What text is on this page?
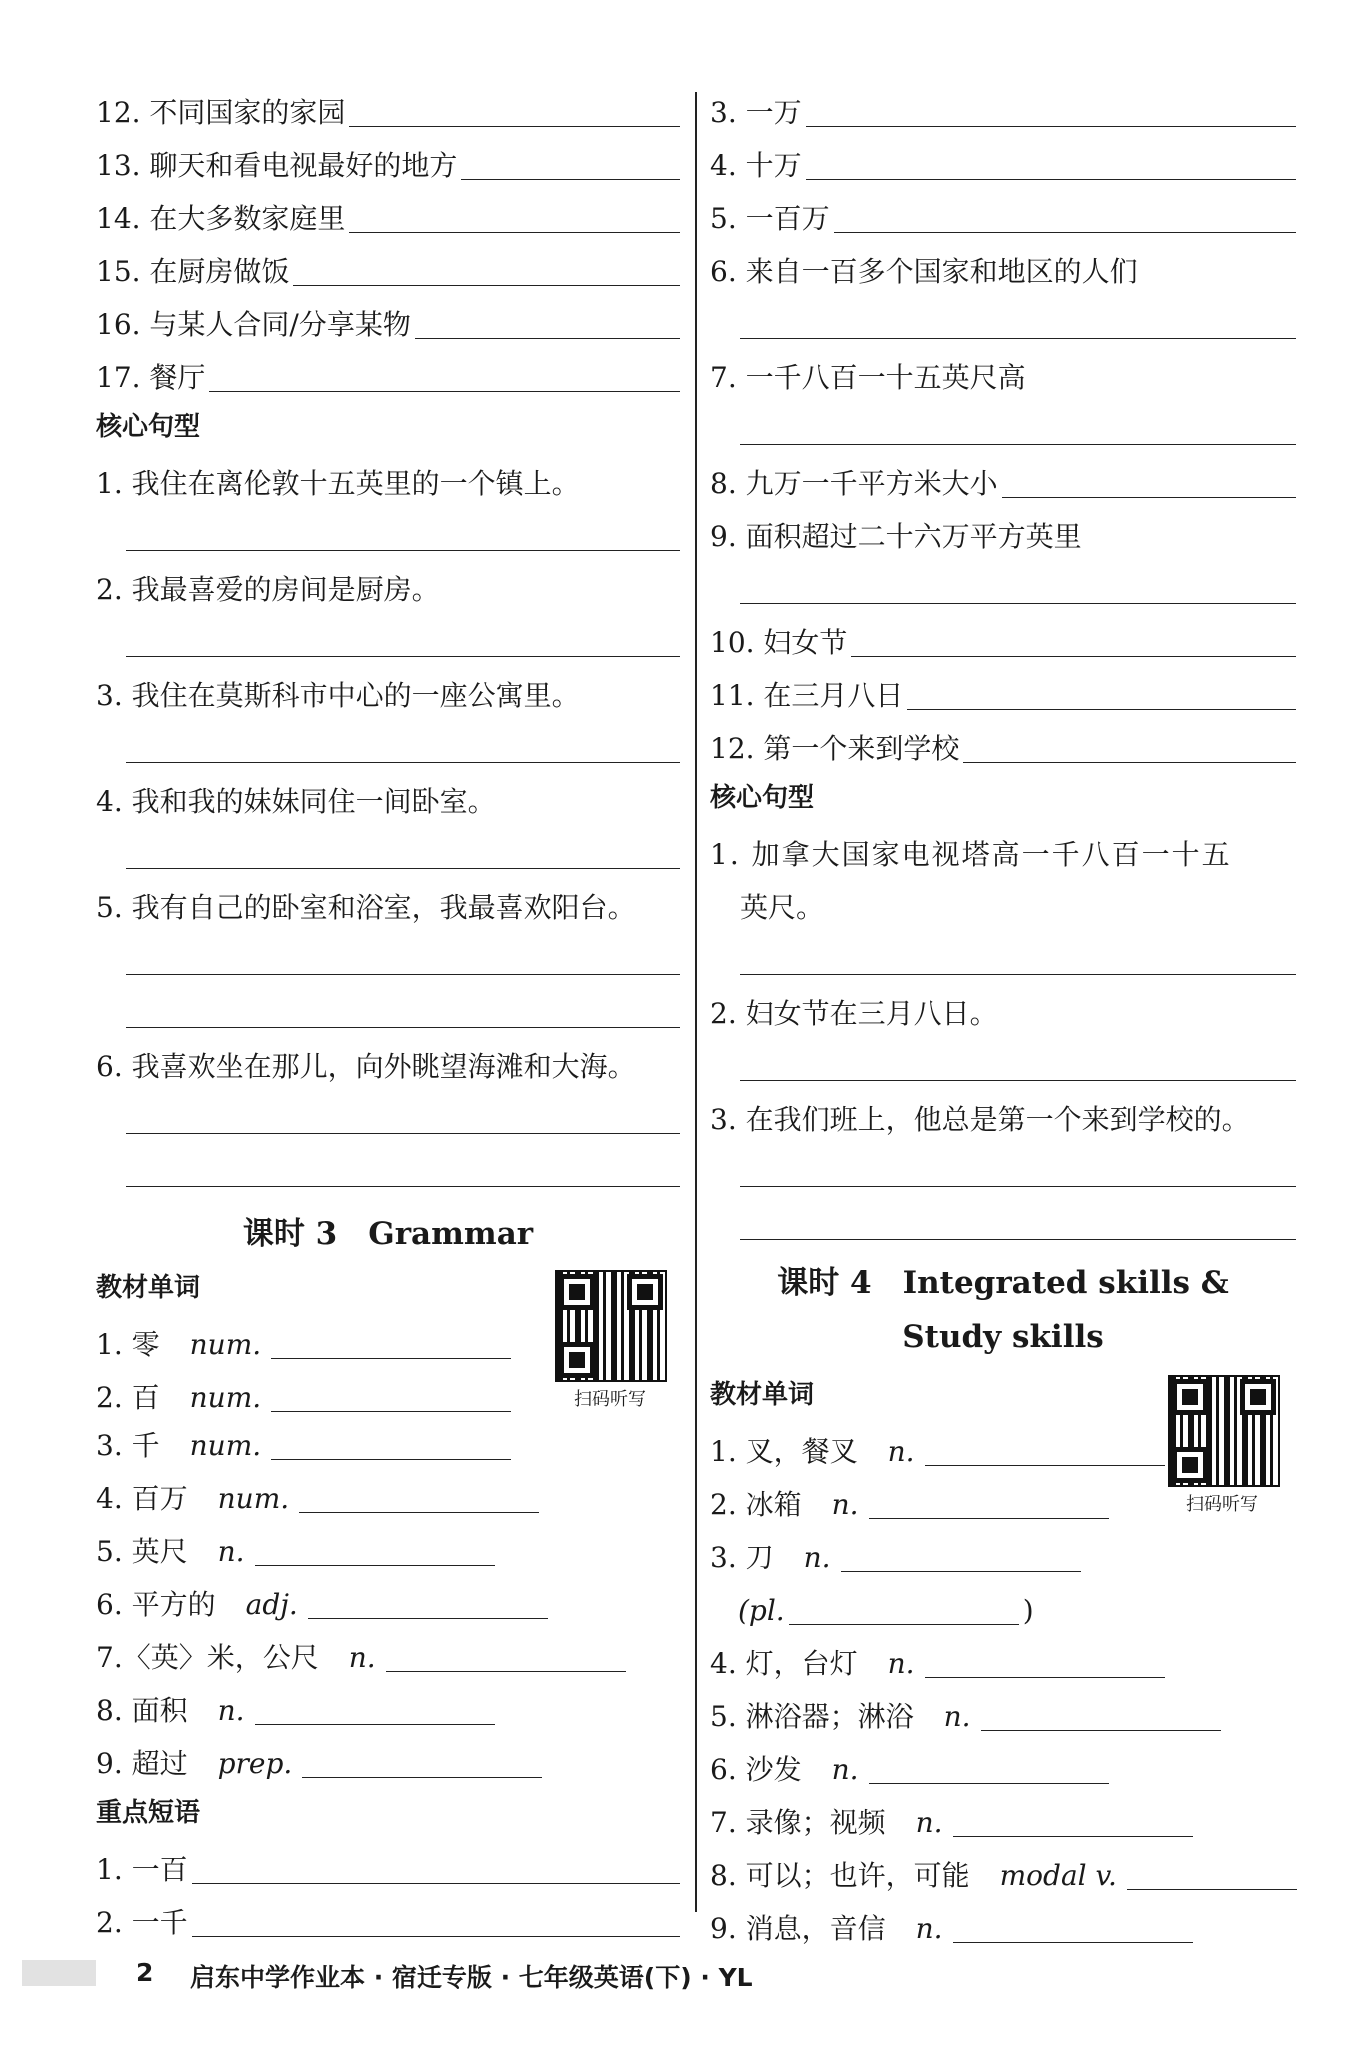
12. 不同国家的家园
13. 聊天和看电视最好的地方
14. 在大多数家庭里
15. 在厨房做饭
16. 与某人合同/分享某物
17. 餐厅
核心句型
1. 我住在离伦敦十五英里的一个镇上。
2. 我最喜爱的房间是厨房。
3. 我住在莫斯科市中心的一座公寓里。
4. 我和我的妹妹同住一间卧室。
5. 我有自己的卧室和浴室，我最喜欢阳台。
6. 我喜欢坐在那儿，向外眺望海滩和大海。
课时 3　Grammar
教材单词
1. 零 num.
2. 百 num.
3. 千 num.
4. 百万 num.
5. 英尺 n.
6. 平方的 adj.
7.〈英〉米，公尺 n.
8. 面积 n.
9. 超过 prep.
重点短语
1. 一百
2. 一千
扫码听写
3. 一万
4. 十万
5. 一百万
6. 来自一百多个国家和地区的人们
7. 一千八百一十五英尺高
8. 九万一千平方米大小
9. 面积超过二十六万平方英里
10. 妇女节
11. 在三月八日
12. 第一个来到学校
核心句型
1. 加拿大国家电视塔高一千八百一十五
英尺。
2. 妇女节在三月八日。
3. 在我们班上，他总是第一个来到学校的。
课时 4　Integrated skills &
Study skills
教材单词
1. 叉，餐叉 n.
2. 冰箱 n.
3. 刀 n.
(pl.	)
4. 灯，台灯 n.
5. 淋浴器；淋浴 n.
6. 沙发 n.
7. 录像；视频 n.
8. 可以；也许，可能 modal v.
9. 消息，音信 n.
扫码听写
2 启东中学作业本 · 宿迁专版 · 七年级英语(下) · YL
